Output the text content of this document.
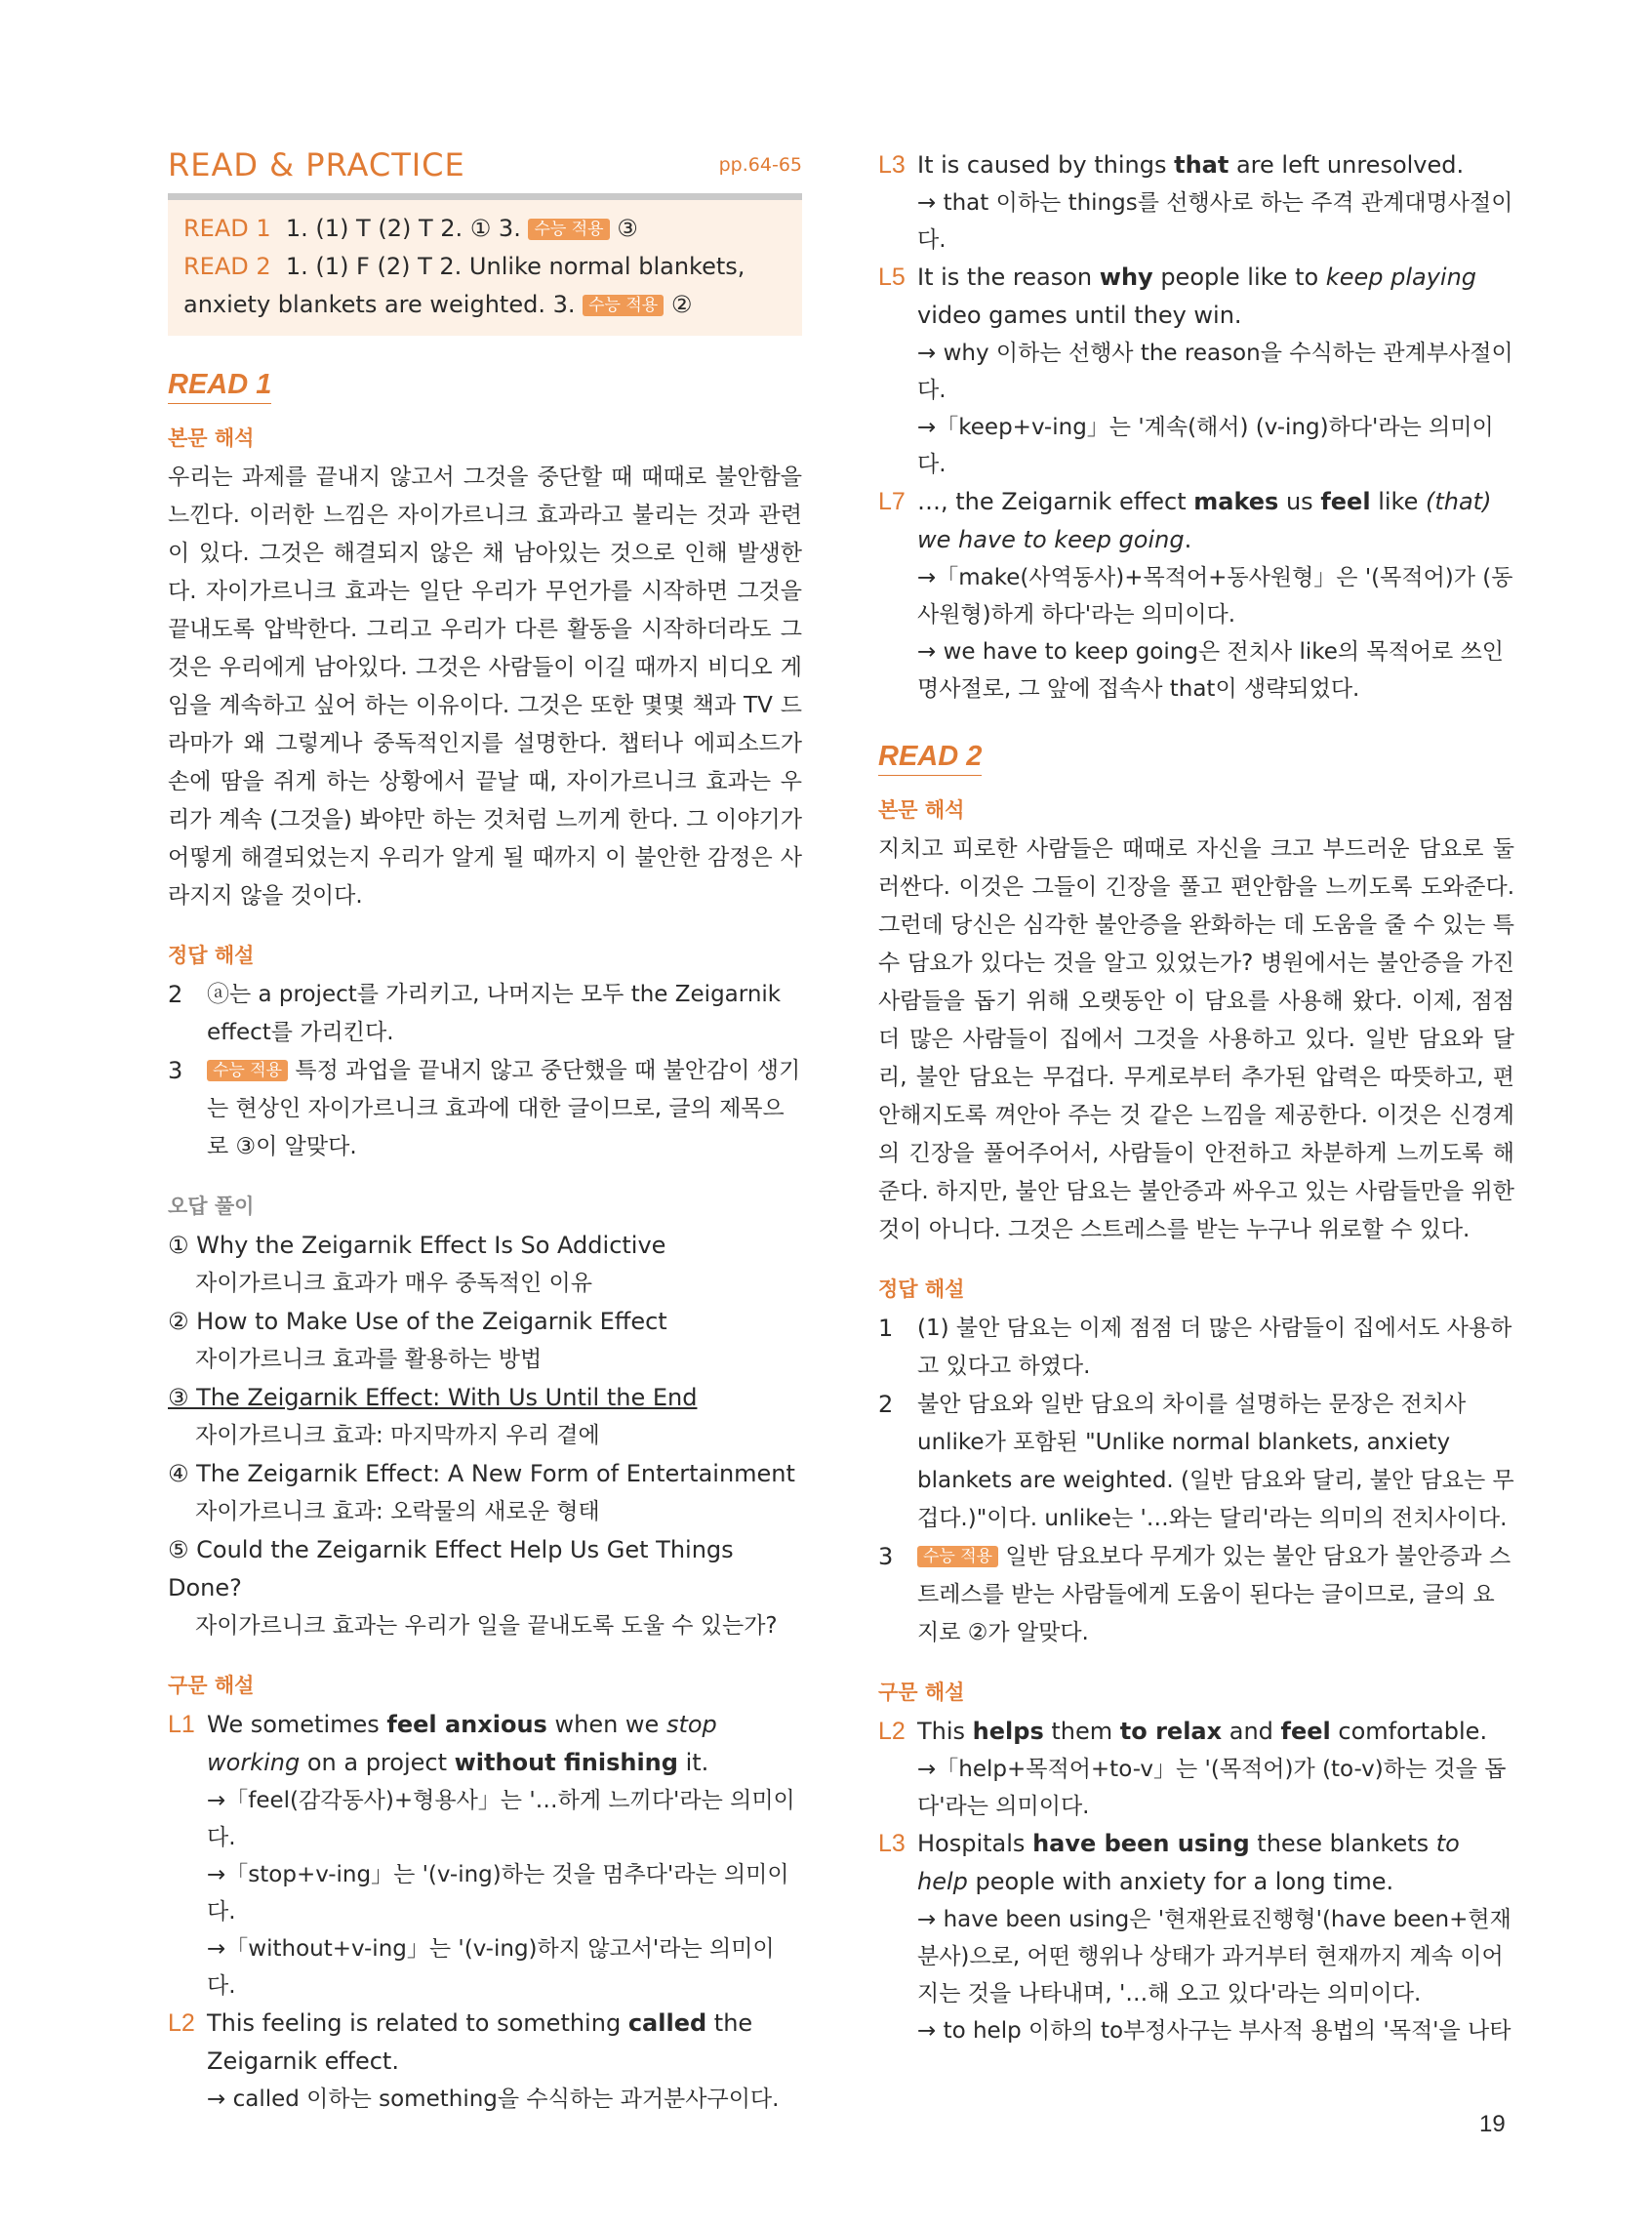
READ & PRACTICE	pp.64-65

READ 1 1. (1) T (2) T 2. ① 3. 수능 적용 ③

READ 2 1. (1) F (2) T 2. Unlike normal blankets,

anxiety blankets are weighted. 3. 수능 적용 ②

READ 1

본문 해석

우리는 과제를 끝내지 않고서 그것을 중단할 때 때때로 불안함을 느낀다. 이러한 느낌은 자이가르니크 효과라고 불리는 것과 관련이 있다. 그것은 해결되지 않은 채 남아있는 것으로 인해 발생한다. 자이가르니크 효과는 일단 우리가 무언가를 시작하면 그것을 끝내도록 압박한다. 그리고 우리가 다른 활동을 시작하더라도 그것은 우리에게 남아있다. 그것은 사람들이 이길 때까지 비디오 게임을 계속하고 싶어 하는 이유이다. 그것은 또한 몇몇 책과 TV 드라마가 왜 그렇게나 중독적인지를 설명한다. 챕터나 에피소드가 손에 땀을 쥐게 하는 상황에서 끝날 때, 자이가르니크 효과는 우리가 계속 (그것을) 봐야만 하는 것처럼 느끼게 한다. 그 이야기가 어떻게 해결되었는지 우리가 알게 될 때까지 이 불안한 감정은 사라지지 않을 것이다.

정답 해설

2	ⓐ는 a project를 가리키고, 나머지는 모두 the Zeigarnik effect를 가리킨다.
3	수능 적용 특정 과업을 끝내지 않고 중단했을 때 불안감이 생기는 현상인 자이가르니크 효과에 대한 글이므로, 글의 제목으로 ③이 알맞다.

오답 풀이

① Why the Zeigarnik Effect Is So Addictive
자이가르니크 효과가 매우 중독적인 이유
② How to Make Use of the Zeigarnik Effect
자이가르니크 효과를 활용하는 방법
③ The Zeigarnik Effect: With Us Until the End
자이가르니크 효과: 마지막까지 우리 곁에
④ The Zeigarnik Effect: A New Form of Entertainment
자이가르니크 효과: 오락물의 새로운 형태
⑤ Could the Zeigarnik Effect Help Us Get Things Done?
자이가르니크 효과는 우리가 일을 끝내도록 도울 수 있는가?

구문 해설

L1 We sometimes feel anxious when we stop working on a project without finishing it.
→「feel(감각동사)+형용사」는 '…하게 느끼다'라는 의미이다.
→「stop+v-ing」는 '(v-ing)하는 것을 멈추다'라는 의미이다.
→「without+v-ing」는 '(v-ing)하지 않고서'라는 의미이다.
L2 This feeling is related to something called the Zeigarnik effect.
→ called 이하는 something을 수식하는 과거분사구이다.
L3 It is caused by things that are left unresolved.
→ that 이하는 things를 선행사로 하는 주격 관계대명사절이다.
L5 It is the reason why people like to keep playing video games until they win.
→ why 이하는 선행사 the reason을 수식하는 관계부사절이다.
→「keep+v-ing」는 '계속(해서) (v-ing)하다'라는 의미이다.
L7 …, the Zeigarnik effect makes us feel like (that) we have to keep going.
→「make(사역동사)+목적어+동사원형」은 '(목적어)가 (동사원형)하게 하다'라는 의미이다.
→ we have to keep going은 전치사 like의 목적어로 쓰인 명사절로, 그 앞에 접속사 that이 생략되었다.
READ 2

본문 해석

지치고 피로한 사람들은 때때로 자신을 크고 부드러운 담요로 둘러싼다. 이것은 그들이 긴장을 풀고 편안함을 느끼도록 도와준다. 그런데 당신은 심각한 불안증을 완화하는 데 도움을 줄 수 있는 특수 담요가 있다는 것을 알고 있었는가? 병원에서는 불안증을 가진 사람들을 돕기 위해 오랫동안 이 담요를 사용해 왔다. 이제, 점점 더 많은 사람들이 집에서 그것을 사용하고 있다. 일반 담요와 달리, 불안 담요는 무겁다. 무게로부터 추가된 압력은 따뜻하고, 편안해지도록 껴안아 주는 것 같은 느낌을 제공한다. 이것은 신경계의 긴장을 풀어주어서, 사람들이 안전하고 차분하게 느끼도록 해준다. 하지만, 불안 담요는 불안증과 싸우고 있는 사람들만을 위한 것이 아니다. 그것은 스트레스를 받는 누구나 위로할 수 있다.

정답 해설

1	(1) 불안 담요는 이제 점점 더 많은 사람들이 집에서도 사용하고 있다고 하였다.
2	불안 담요와 일반 담요의 차이를 설명하는 문장은 전치사 unlike가 포함된 "Unlike normal blankets, anxiety blankets are weighted. (일반 담요와 달리, 불안 담요는 무겁다.)"이다. unlike는 '…와는 달리'라는 의미의 전치사이다.
3	수능 적용 일반 담요보다 무게가 있는 불안 담요가 불안증과 스트레스를 받는 사람들에게 도움이 된다는 글이므로, 글의 요지로 ②가 알맞다.

구문 해설

L2 This helps them to relax and feel comfortable.
→「help+목적어+to-v」는 '(목적어)가 (to-v)하는 것을 돕다'라는 의미이다.
L3 Hospitals have been using these blankets to help people with anxiety for a long time.
→ have been using은 '현재완료진행형'(have been+현재분사)으로, 어떤 행위나 상태가 과거부터 현재까지 계속 이어지는 것을 나타내며, '…해 오고 있다'라는 의미이다.
→ to help 이하의 to부정사구는 부사적 용법의 '목적'을 나타
19
